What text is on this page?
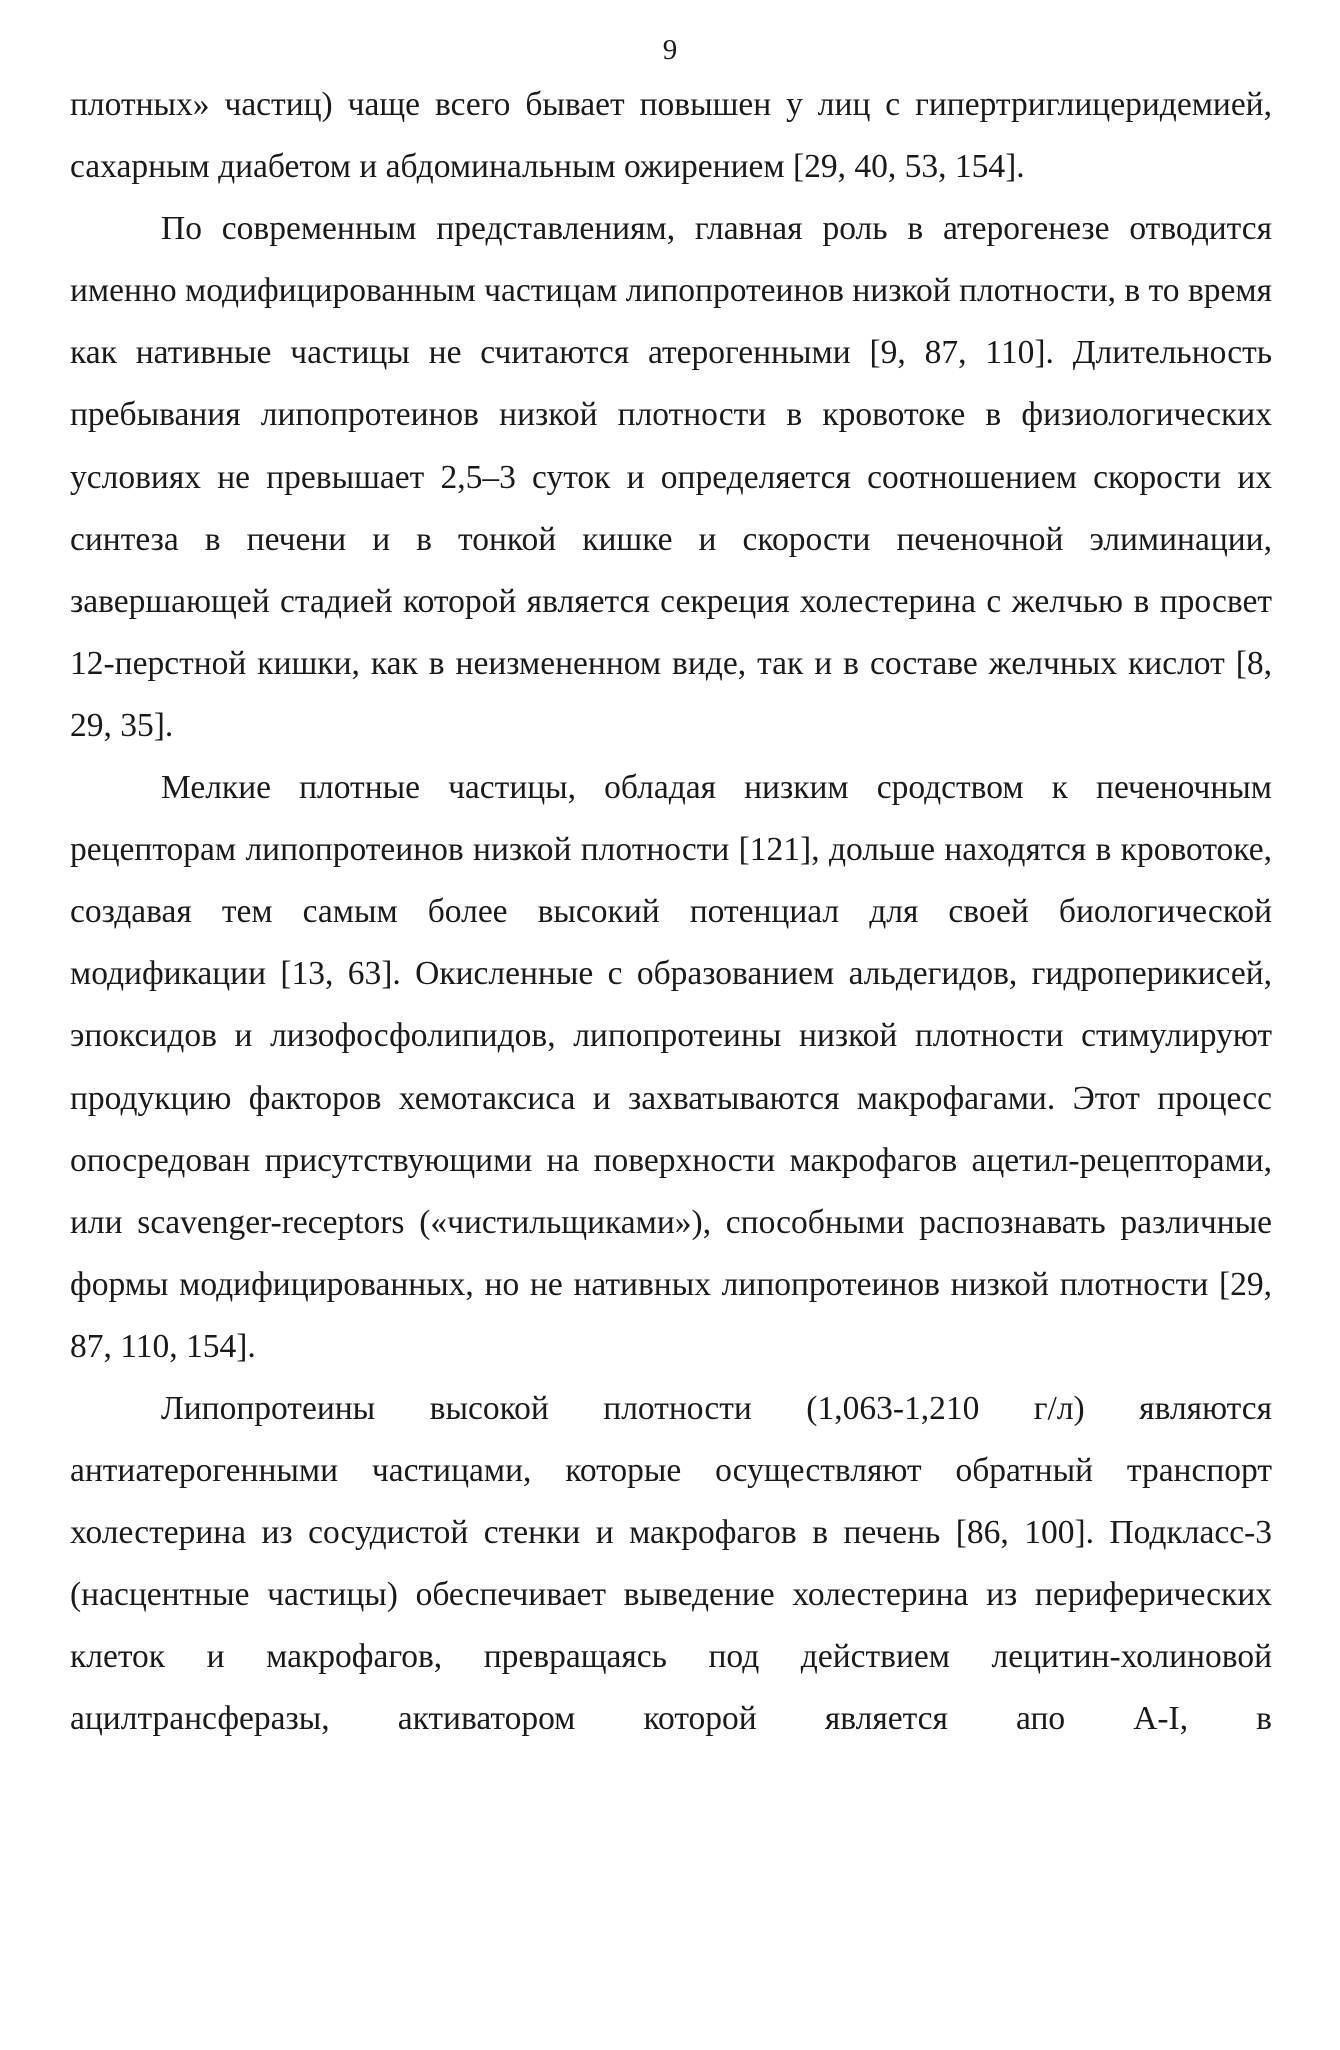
9

плотных» частиц) чаще всего бывает повышен у лиц с гипертриглицеридемией, сахарным диабетом и абдоминальным ожирением [29, 40, 53, 154].

По современным представлениям, главная роль в атерогенезе отводится именно модифицированным частицам липопротеинов низкой плотности, в то время как нативные частицы не считаются атерогенными [9, 87, 110]. Длительность пребывания липопротеинов низкой плотности в кровотоке в физиологических условиях не превышает 2,5–3 суток и определяется соотношением скорости их синтеза в печени и в тонкой кишке и скорости печеночной элиминации, завершающей стадией которой является секреция холестерина с желчью в просвет 12-перстной кишки, как в неизмененном виде, так и в составе желчных кислот [8, 29, 35].

Мелкие плотные частицы, обладая низким сродством к печеночным рецепторам липопротеинов низкой плотности [121], дольше находятся в кровотоке, создавая тем самым более высокий потенциал для своей биологической модификации [13, 63]. Окисленные с образованием альдегидов, гидроперикисей, эпоксидов и лизофосфолипидов, липопротеины низкой плотности стимулируют продукцию факторов хемотаксиса и захватываются макрофагами. Этот процесс опосредован присутствующими на поверхности макрофагов ацетил-рецепторами, или scavenger-receptors («чистильщиками»), способными распознавать различные формы модифицированных, но не нативных липопротеинов низкой плотности [29, 87, 110, 154].

Липопротеины высокой плотности (1,063-1,210 г/л) являются антиатерогенными частицами, которые осуществляют обратный транспорт холестерина из сосудистой стенки и макрофагов в печень [86, 100]. Подкласс-3 (насцентные частицы) обеспечивает выведение холестерина из периферических клеток и макрофагов, превращаясь под действием лецитин-холиновой ацилтрансферазы, активатором которой является апо А-I, в
